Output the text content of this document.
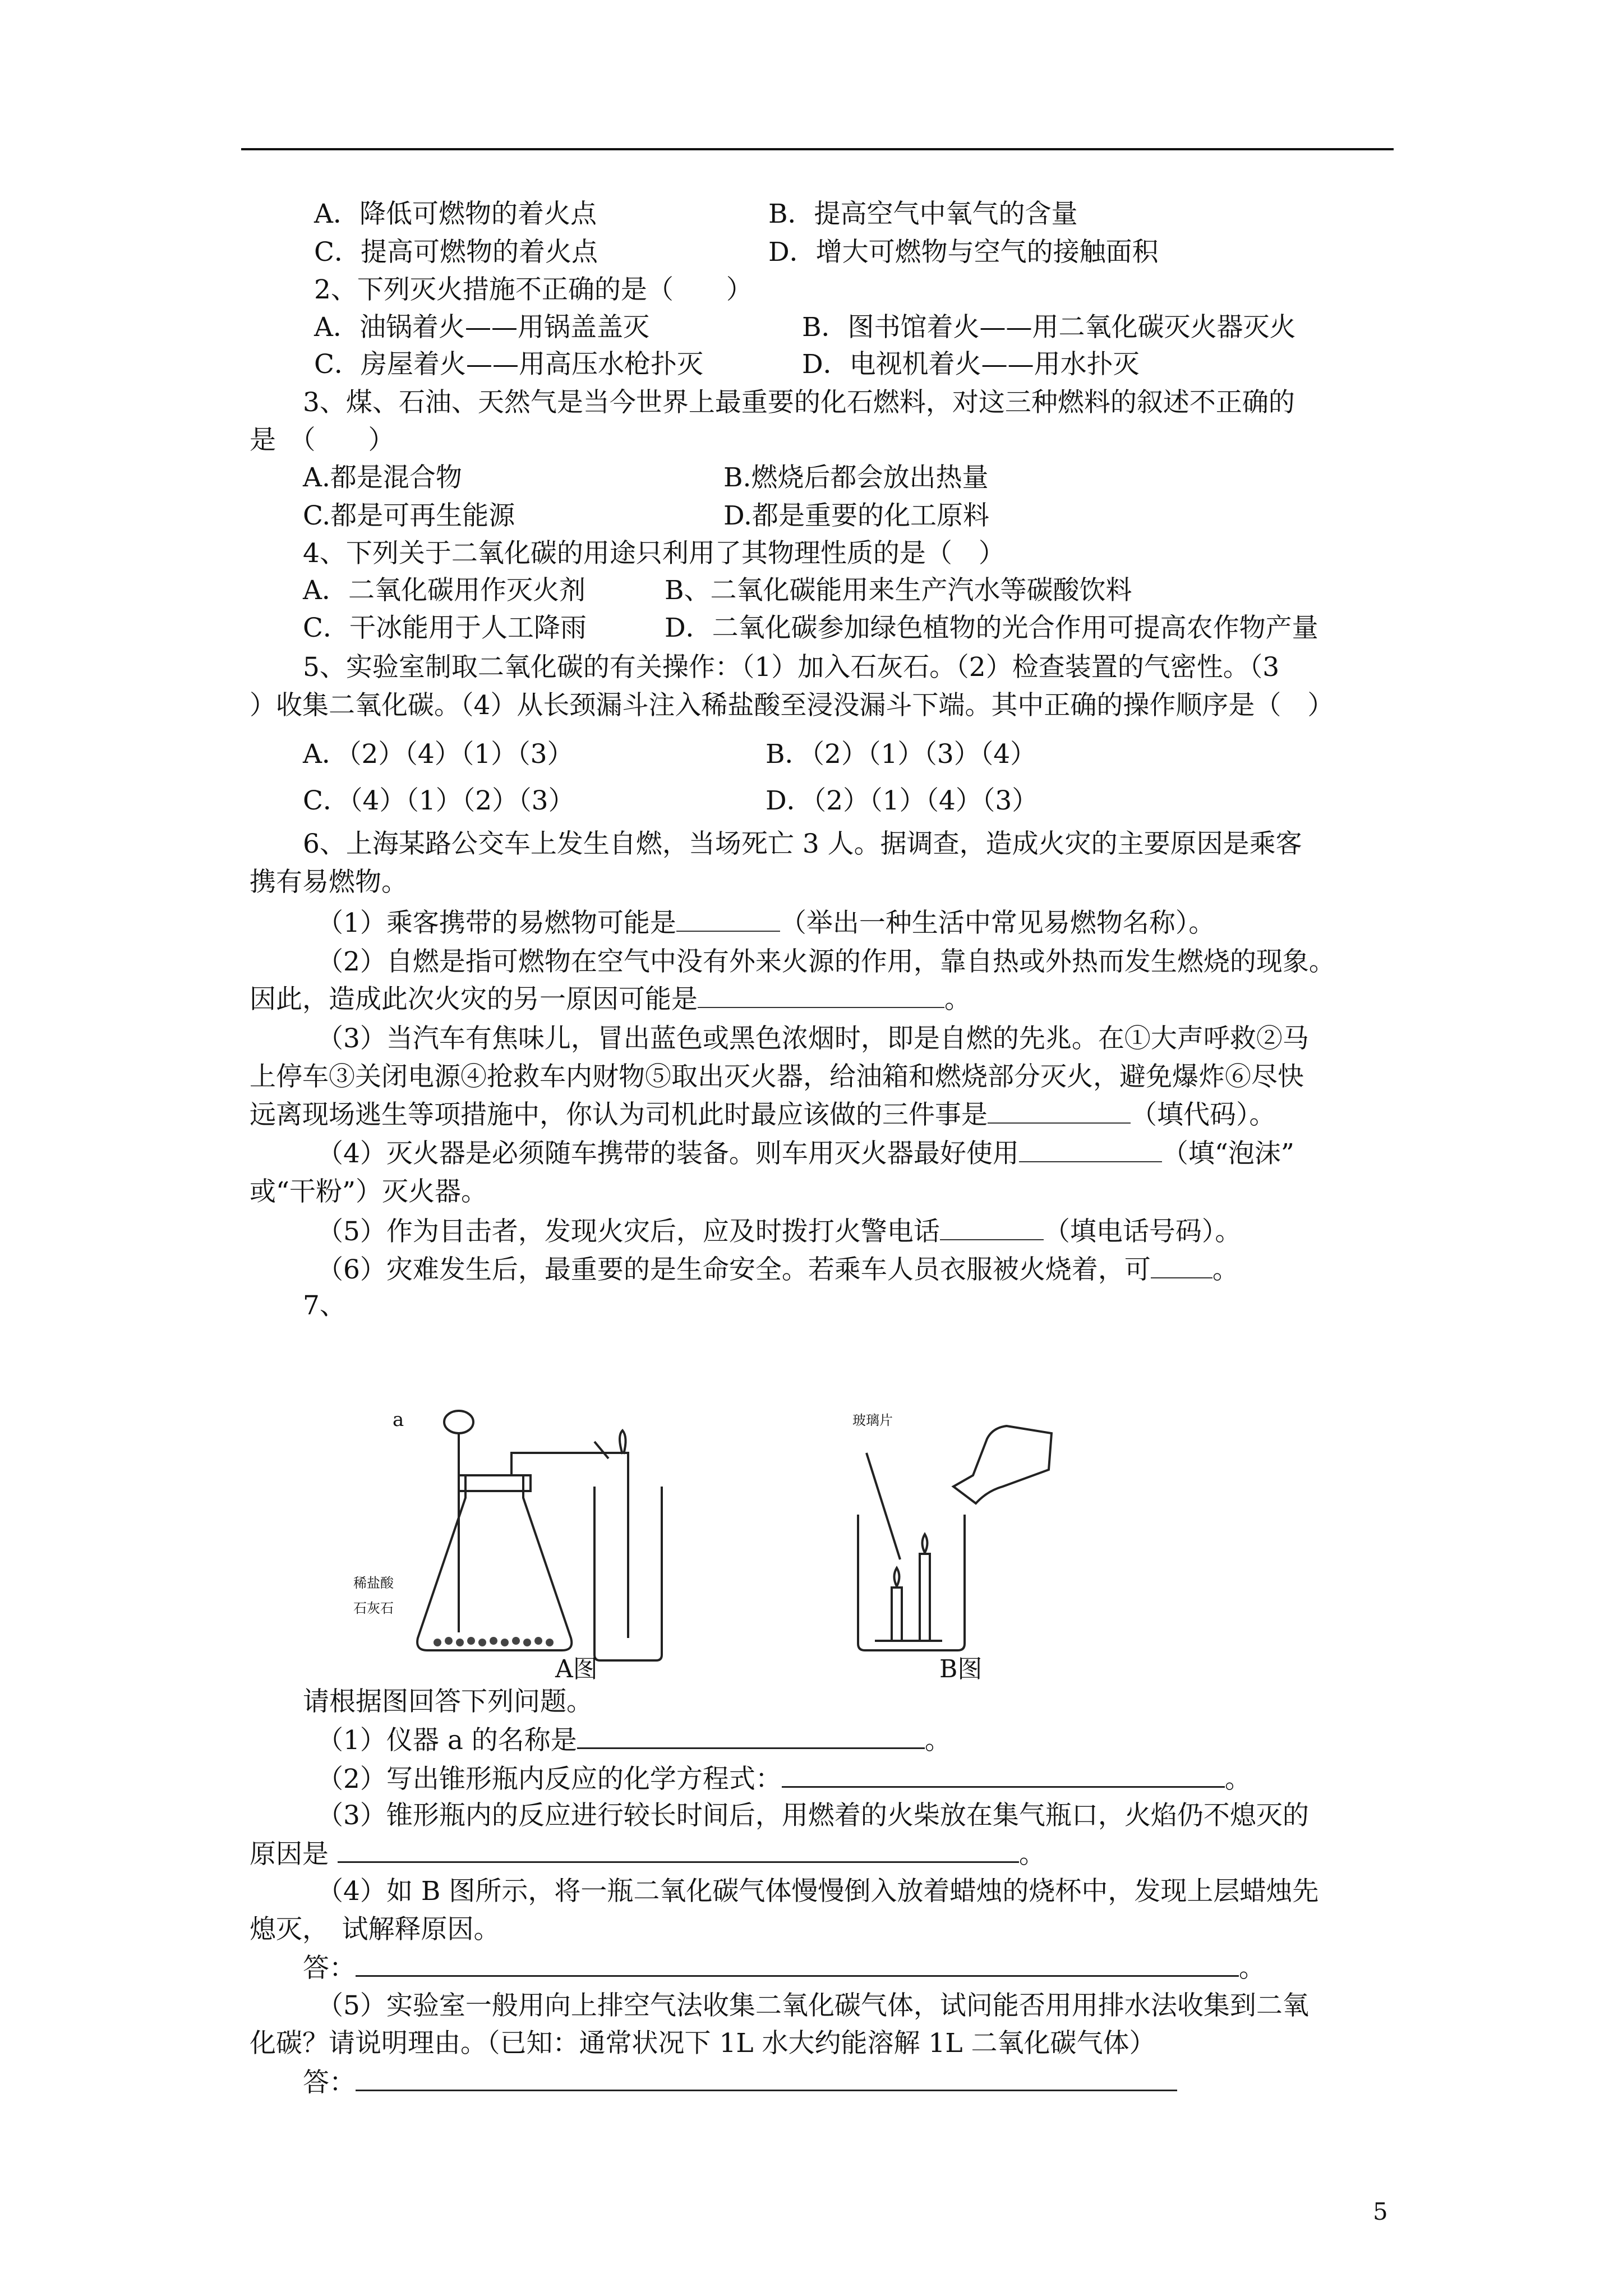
A．降低可燃物的着火点	B．提高空气中氧气的含量
C．提高可燃物的着火点	D．增大可燃物与空气的接触面积
2、下列灭火措施不正确的是（　　）
A．油锅着火——用锅盖盖灭	B．图书馆着火——用二氧化碳灭火器灭火
C．房屋着火——用高压水枪扑灭	D．电视机着火——用水扑灭
3、煤、石油、天然气是当今世界上最重要的化石燃料，对这三种燃料的叙述不正确的
是　（　　）
A.都是混合物	B.燃烧后都会放出热量
C.都是可再生能源	D.都是重要的化工原料
4、下列关于二氧化碳的用途只利用了其物理性质的是（　）
A．二氧化碳用作灭火剂	B、二氧化碳能用来生产汽水等碳酸饮料
C．干冰能用于人工降雨	D．二氧化碳参加绿色植物的光合作用可提高农作物产量
5、实验室制取二氧化碳的有关操作：（1）加入石灰石。（2）检查装置的气密性。（3
）收集二氧化碳。（4）从长颈漏斗注入稀盐酸至浸没漏斗下端。其中正确的操作顺序是（　）
A．（2）（4）（1）（3）	B．（2）（1）（3）（4）
C．（4）（1）（2）（3）	D．（2）（1）（4）（3）
6、上海某路公交车上发生自燃，当场死亡 3 人。据调查，造成火灾的主要原因是乘客
携有易燃物。
（1）乘客携带的易燃物可能是	（举出一种生活中常见易燃物名称）。
（2）自燃是指可燃物在空气中没有外来火源的作用，靠自热或外热而发生燃烧的现象。
因此，造成此次火灾的另一原因可能是	。
（3）当汽车有焦味儿，冒出蓝色或黑色浓烟时，即是自燃的先兆。在①大声呼救②马
上停车③关闭电源④抢救车内财物⑤取出灭火器，给油箱和燃烧部分灭火，避免爆炸⑥尽快
远离现场逃生等项措施中，你认为司机此时最应该做的三件事是	（填代码）。
（4）灭火器是必须随车携带的装备。则车用灭火器最好使用	（填“泡沫”
或“干粉”）灭火器。
（5）作为目击者，发现火灾后，应及时拨打火警电话	（填电话号码）。
（6）灾难发生后，最重要的是生命安全。若乘车人员衣服被火烧着，可 。
7、
a
稀盐酸
石灰石
A图
玻璃片
B图
请根据图回答下列问题。
（1）仪器 a 的名称是	。
（2）写出锥形瓶内反应的化学方程式：	。
（3）锥形瓶内的反应进行较长时间后，用燃着的火柴放在集气瓶口，火焰仍不熄灭的
原因是	。
（4）如 B 图所示，将一瓶二氧化碳气体慢慢倒入放着蜡烛的烧杯中，发现上层蜡烛先
熄灭，　试解释原因。
答：	。
（5）实验室一般用向上排空气法收集二氧化碳气体，试问能否用用排水法收集到二氧
化碳？请说明理由。（已知：通常状况下 1L 水大约能溶解 1L 二氧化碳气体）
答：
5
